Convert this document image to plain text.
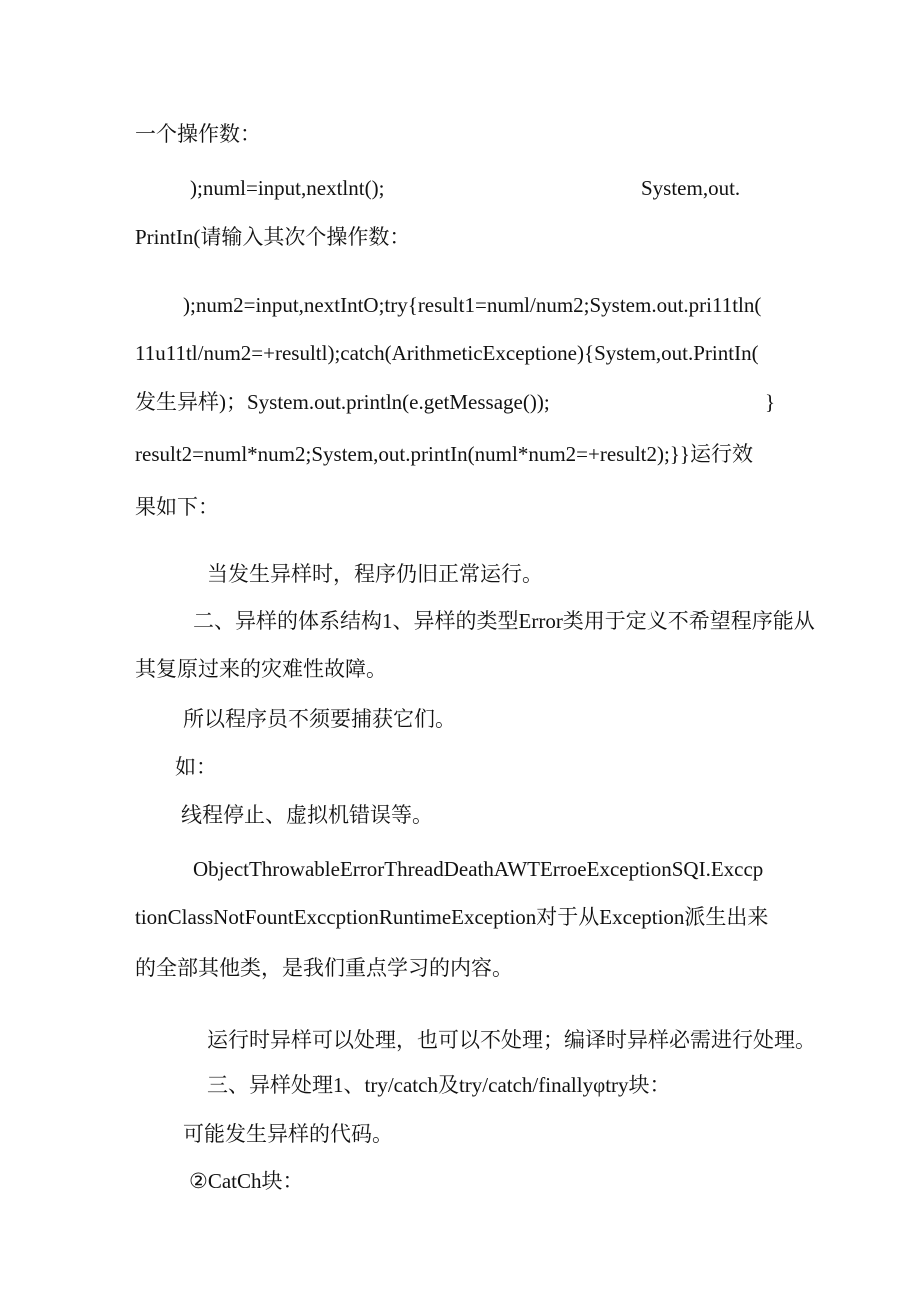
一个操作数：
);numl=input,nextlnt();	System,out.
PrintIn(请输入其次个操作数：
);num2=input,nextIntO;try{result1=numl/num2;System.out.pri11tln(
11u11tl/num2=+resultl);catch(ArithmeticExceptione){System,out.PrintIn(
发生异样)；System.out.println(e.getMessage());	}
result2=numl*num2;System,out.printIn(numl*num2=+result2);}}运行效
果如下：
当发生异样时，程序仍旧正常运行。
二、异样的体系结构1、异样的类型Error类用于定义不希望程序能从
其复原过来的灾难性故障。
所以程序员不须要捕获它们。
如：
线程停止、虚拟机错误等。
ObjectThrowableErrorThreadDeathAWTErroeExceptionSQI.Exccp
tionClassNotFountExccptionRuntimeException对于从Exception派生出来
的全部其他类，是我们重点学习的内容。
运行时异样可以处理，也可以不处理；编译时异样必需进行处理。
三、异样处理1、try/catch及try/catch/finallyφtry块：
可能发生异样的代码。
②CatCh块：
